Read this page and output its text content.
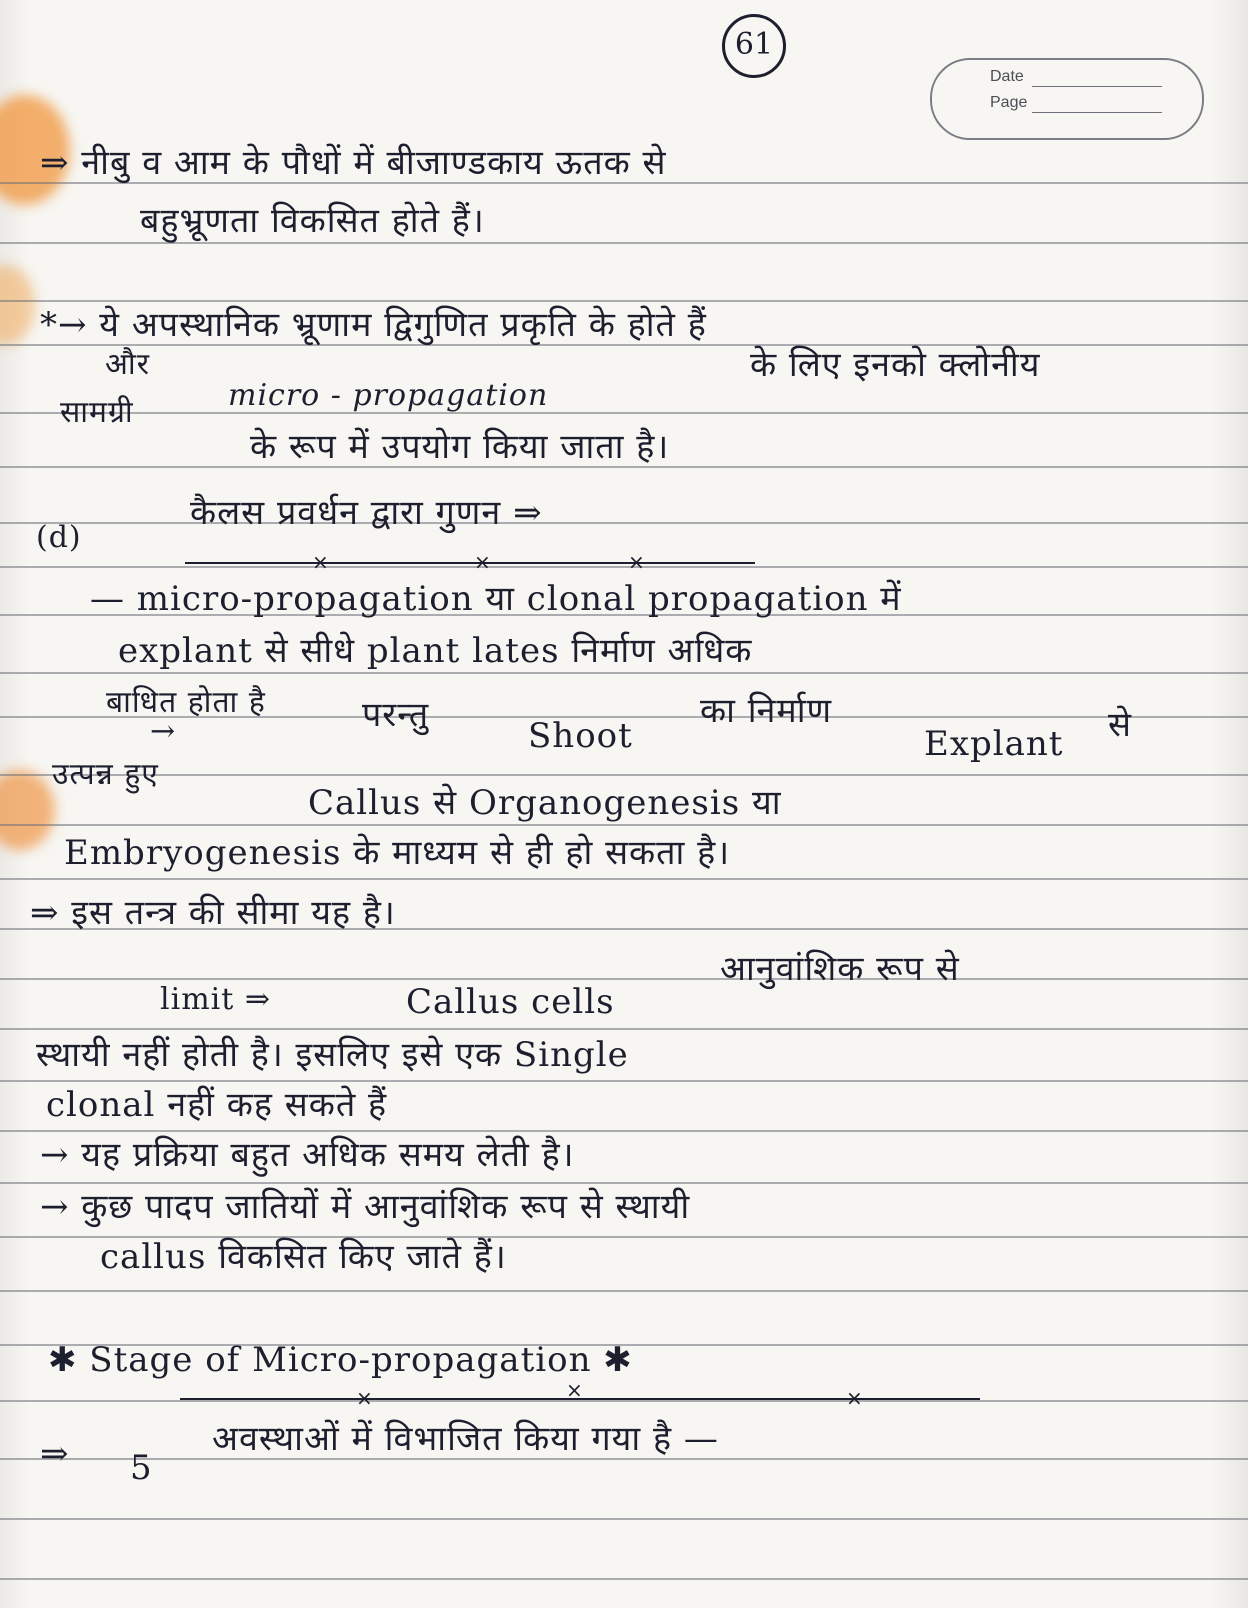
61
Date
Page
⇒ नीबु व आम के पौधों में बीजाण्डकाय ऊतक से
बहुभ्रूणता विकसित होते हैं।
*→ ये अपस्थानिक भ्रूणाम द्विगुणित प्रकृति के होते हैं
और	के लिए इनको क्लोनीय
सामग्री	micro - propagation
के रूप में उपयोग किया जाता है।
(d)
कैलस प्रवर्धन द्वारा गुणन ⇒
×	×	×
— micro-propagation या clonal propagation में
explant से सीधे plant lates निर्माण अधिक
बाधित होता है	परन्तु	का निर्माण	से
→	Shoot	Explant
उत्पन्न हुए
Callus से Organogenesis या
Embryogenesis के माध्यम से ही हो सकता है।
⇒ इस तन्त्र की सीमा यह है।
limit ⇒	Callus cells
आनुवांशिक रूप से
स्थायी नहीं होती है। इसलिए इसे एक Single
clonal नहीं कह सकते हैं
→ यह प्रक्रिया बहुत अधिक समय लेती है।
→ कुछ पादप जातियों में आनुवांशिक रूप से स्थायी
callus विकसित किए जाते हैं।
✱ Stage of Micro-propagation ✱
×	×	×
⇒ 5
अवस्थाओं में विभाजित किया गया है —
